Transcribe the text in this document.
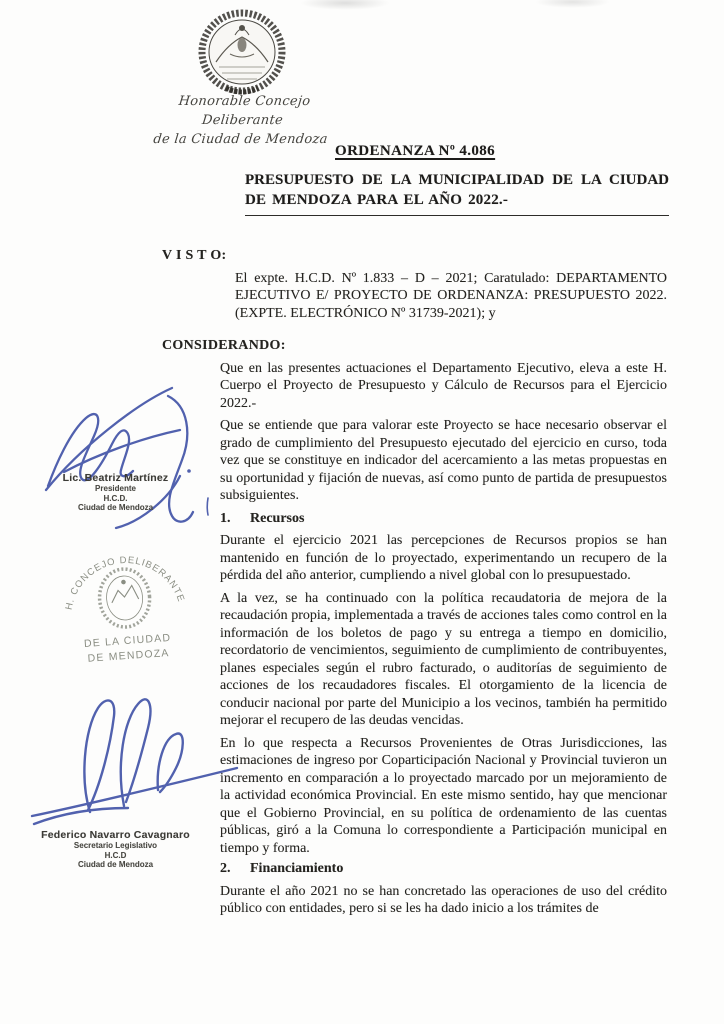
Honorable Concejo Deliberante
de la Ciudad de Mendoza
ORDENANZA Nº 4.086
PRESUPUESTO DE LA MUNICIPALIDAD DE LA CIUDAD
DE MENDOZA PARA EL AÑO 2022.-

V I S T O:

El expte. H.C.D. Nº 1.833 – D – 2021; Caratulado: DEPARTAMENTO EJECUTIVO E/ PROYECTO DE ORDENANZA: PRESUPUESTO 2022. (EXPTE. ELECTRÓNICO Nº 31739-2021); y

CONSIDERANDO:

Que en las presentes actuaciones el Departamento Ejecutivo, eleva a este H. Cuerpo el Proyecto de Presupuesto y Cálculo de Recursos para el Ejercicio 2022.-

Que se entiende que para valorar este Proyecto se hace necesario observar el grado de cumplimiento del Presupuesto ejecutado del ejercicio en curso, toda vez que se constituye en indicador del acercamiento a las metas propuestas en su oportunidad y fijación de nuevas, así como punto de partida de presupuestos subsiguientes.

1. Recursos

Durante el ejercicio 2021 las percepciones de Recursos propios se han mantenido en función de lo proyectado, experimentando un recupero de la pérdida del año anterior, cumpliendo a nivel global con lo presupuestado.

A la vez, se ha continuado con la política recaudatoria de mejora de la recaudación propia, implementada a través de acciones tales como control en la información de los boletos de pago y su entrega a tiempo en domicilio, recordatorio de vencimientos, seguimiento de cumplimiento de contribuyentes, planes especiales según el rubro facturado, o auditorías de seguimiento de acciones de los recaudadores fiscales. El otorgamiento de la licencia de conducir nacional por parte del Municipio a los vecinos, también ha permitido mejorar el recupero de las deudas vencidas.

En lo que respecta a Recursos Provenientes de Otras Jurisdicciones, las estimaciones de ingreso por Coparticipación Nacional y Provincial tuvieron un incremento en comparación a lo proyectado marcado por un mejoramiento de la actividad económica Provincial. En este mismo sentido, hay que mencionar que el Gobierno Provincial, en su política de ordenamiento de las cuentas públicas, giró a la Comuna lo correspondiente a Participación municipal en tiempo y forma.

2. Financiamiento

Durante el año 2021 no se han concretado las operaciones de uso del crédito público con entidades, pero si se les ha dado inicio a los trámites de

Lic. Beatriz Martínez
Presidente
H.C.D.
Ciudad de Mendoza
H. CONCEJO DELIBERANTE
DE LA CIUDAD
DE MENDOZA
Federico Navarro Cavagnaro
Secretario Legislativo
H.C.D
Ciudad de Mendoza
